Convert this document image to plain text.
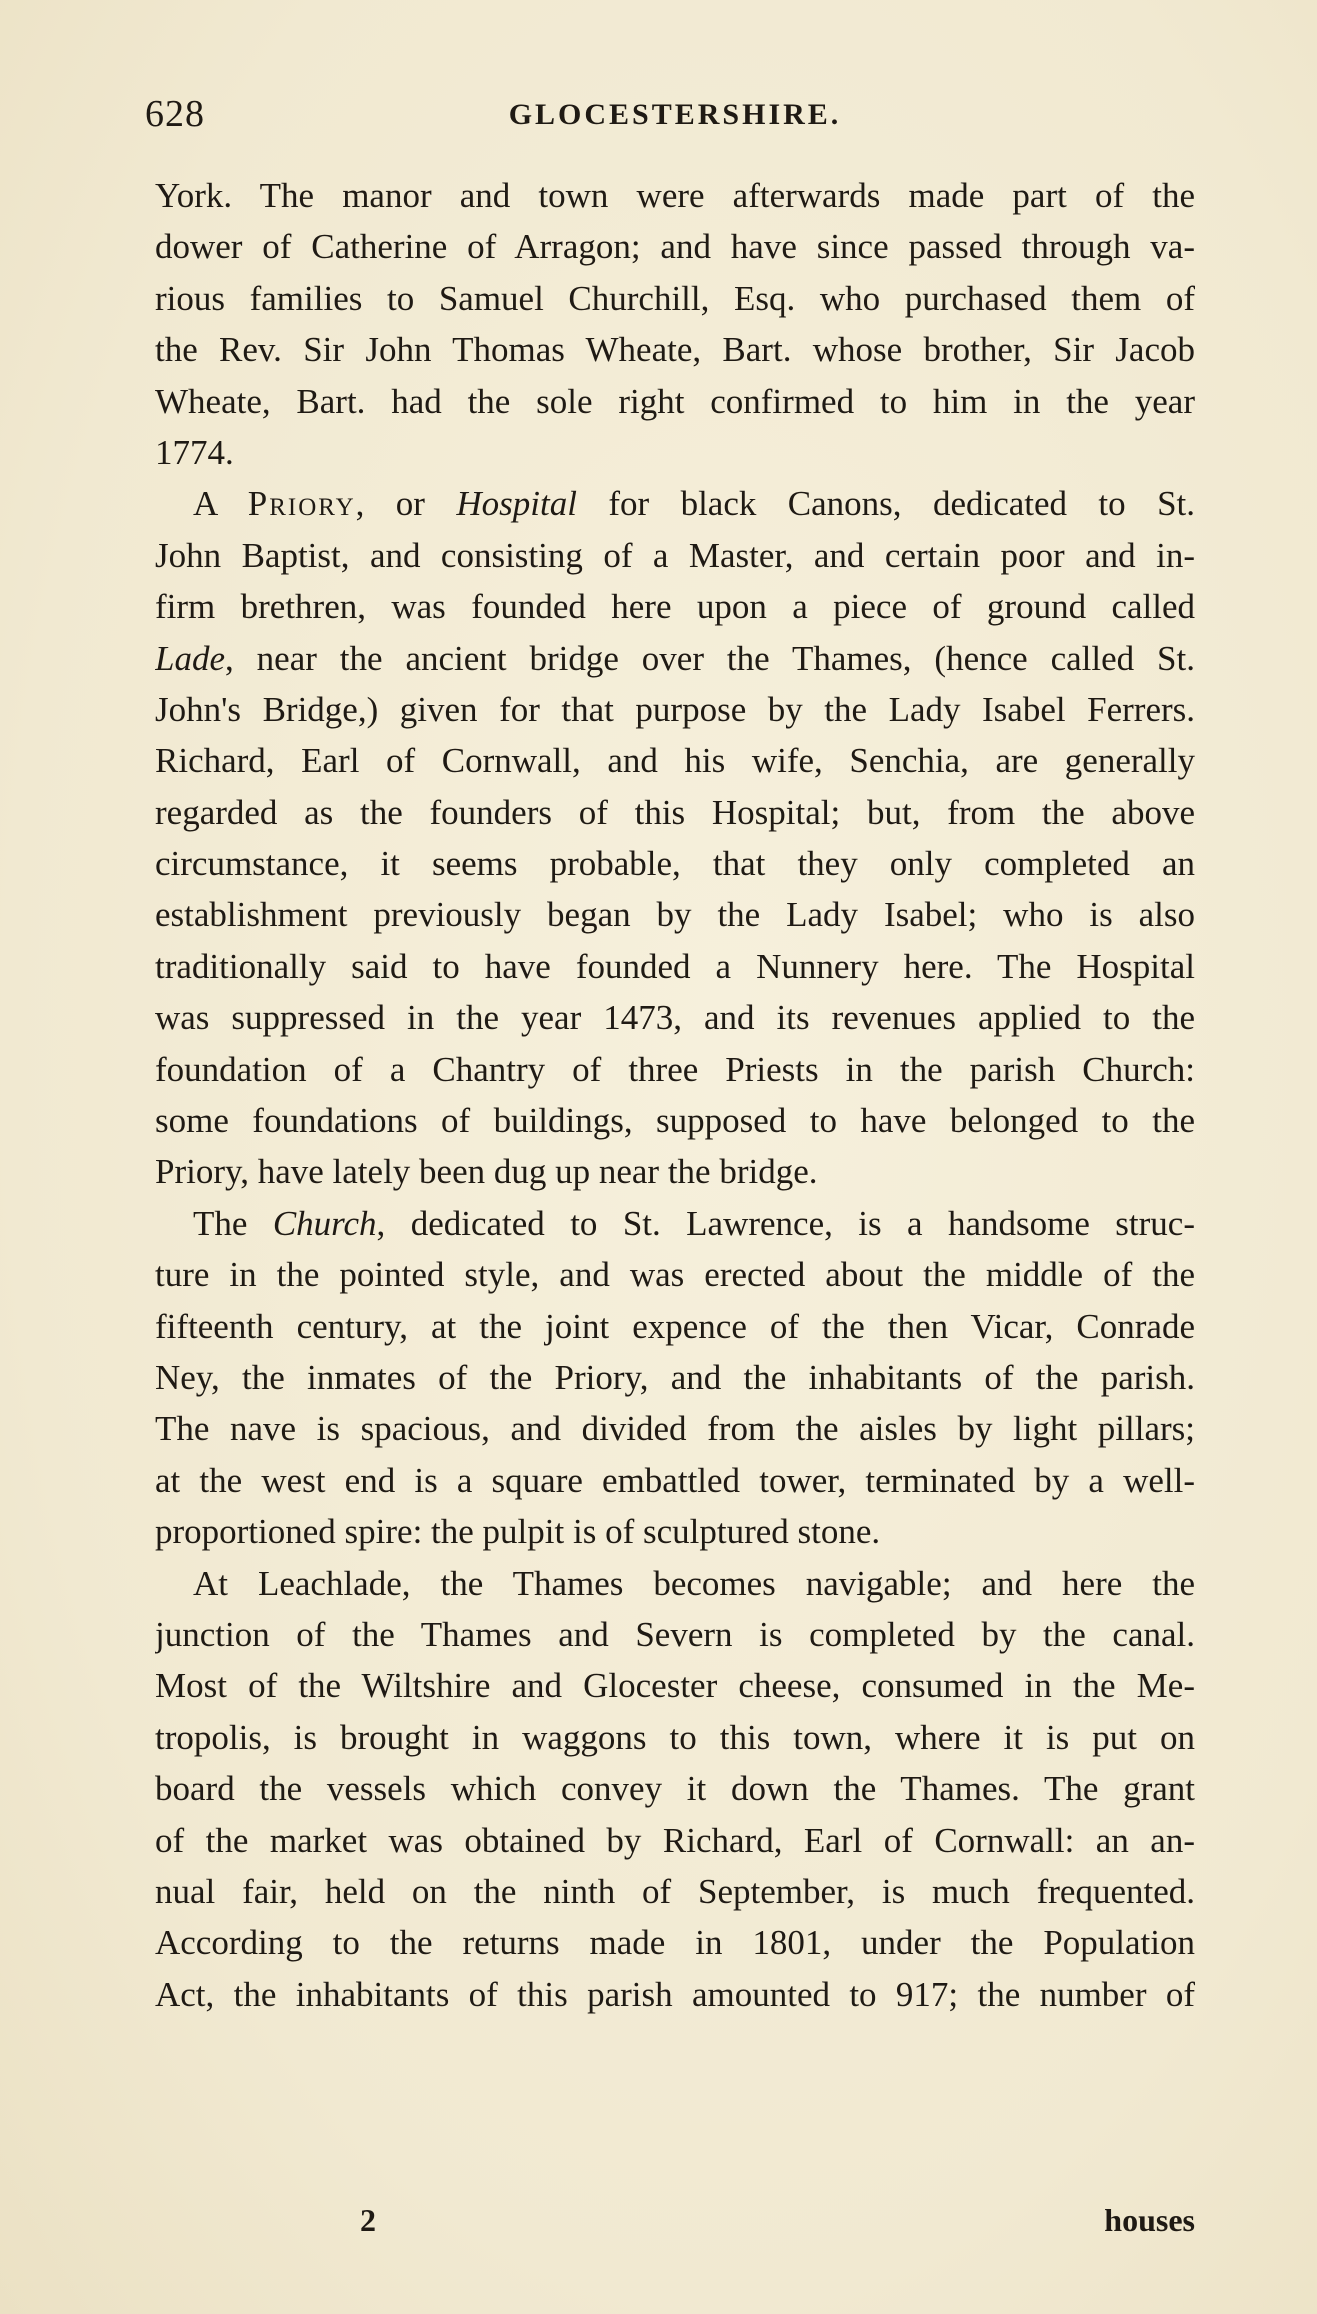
628	GLOCESTERSHIRE.
York. The manor and town were afterwards made part of the
dower of Catherine of Arragon; and have since passed through va-
rious families to Samuel Churchill, Esq. who purchased them of
the Rev. Sir John Thomas Wheate, Bart. whose brother, Sir Jacob
Wheate, Bart. had the sole right confirmed to him in the year
1774.
A Priory, or Hospital for black Canons, dedicated to St.
John Baptist, and consisting of a Master, and certain poor and in-
firm brethren, was founded here upon a piece of ground called
Lade, near the ancient bridge over the Thames, (hence called St.
John's Bridge,) given for that purpose by the Lady Isabel Ferrers.
Richard, Earl of Cornwall, and his wife, Senchia, are generally
regarded as the founders of this Hospital; but, from the above
circumstance, it seems probable, that they only completed an
establishment previously began by the Lady Isabel; who is also
traditionally said to have founded a Nunnery here. The Hospital
was suppressed in the year 1473, and its revenues applied to the
foundation of a Chantry of three Priests in the parish Church:
some foundations of buildings, supposed to have belonged to the
Priory, have lately been dug up near the bridge.
The Church, dedicated to St. Lawrence, is a handsome struc-
ture in the pointed style, and was erected about the middle of the
fifteenth century, at the joint expence of the then Vicar, Conrade
Ney, the inmates of the Priory, and the inhabitants of the parish.
The nave is spacious, and divided from the aisles by light pillars;
at the west end is a square embattled tower, terminated by a well-
proportioned spire: the pulpit is of sculptured stone.
At Leachlade, the Thames becomes navigable; and here the
junction of the Thames and Severn is completed by the canal.
Most of the Wiltshire and Glocester cheese, consumed in the Me-
tropolis, is brought in waggons to this town, where it is put on
board the vessels which convey it down the Thames. The grant
of the market was obtained by Richard, Earl of Cornwall: an an-
nual fair, held on the ninth of September, is much frequented.
According to the returns made in 1801, under the Population
Act, the inhabitants of this parish amounted to 917; the number of
2	houses
